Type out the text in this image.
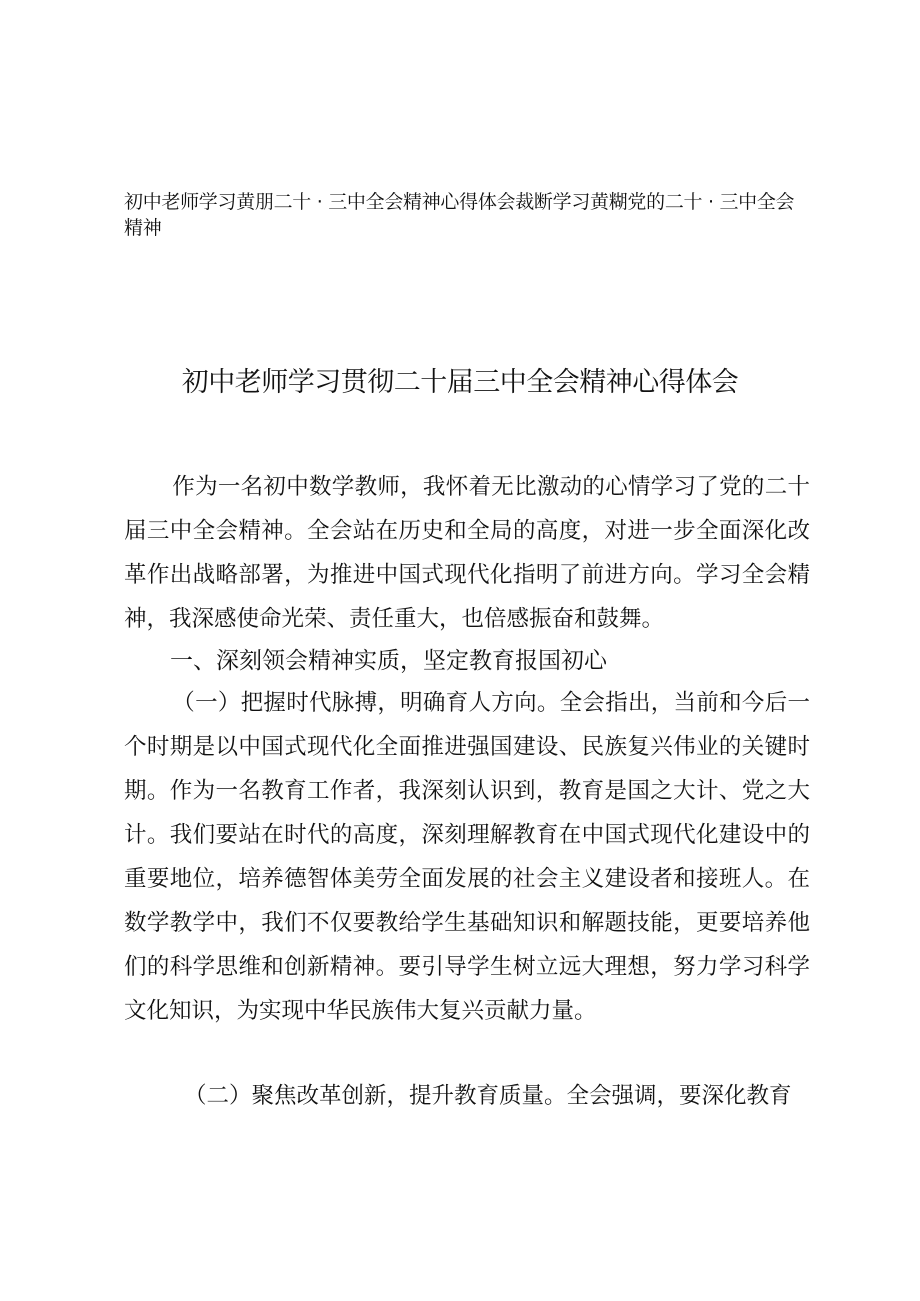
初中老师学习黄朋二十 · 三中全会精神心得体会裁断学习黄糊党的二十 · 三中全会
精神
初中老师学习贯彻二十届三中全会精神心得体会
作为一名初中数学教师，我怀着无比激动的心情学习了党的二十届三中全会精神。全会站在历史和全局的高度，对进一步全面深化改革作出战略部署，为推进中国式现代化指明了前进方向。学习全会精神，我深感使命光荣、责任重大，也倍感振奋和鼓舞。
一、深刻领会精神实质，坚定教育报国初心
（一）把握时代脉搏，明确育人方向。全会指出，当前和今后一个时期是以中国式现代化全面推进强国建设、民族复兴伟业的关键时期。作为一名教育工作者，我深刻认识到，教育是国之大计、党之大计。我们要站在时代的高度，深刻理解教育在中国式现代化建设中的重要地位，培养德智体美劳全面发展的社会主义建设者和接班人。在数学教学中，我们不仅要教给学生基础知识和解题技能，更要培养他们的科学思维和创新精神。要引导学生树立远大理想，努力学习科学文化知识，为实现中华民族伟大复兴贡献力量。
（二）聚焦改革创新，提升教育质量。全会强调，要深化教育
